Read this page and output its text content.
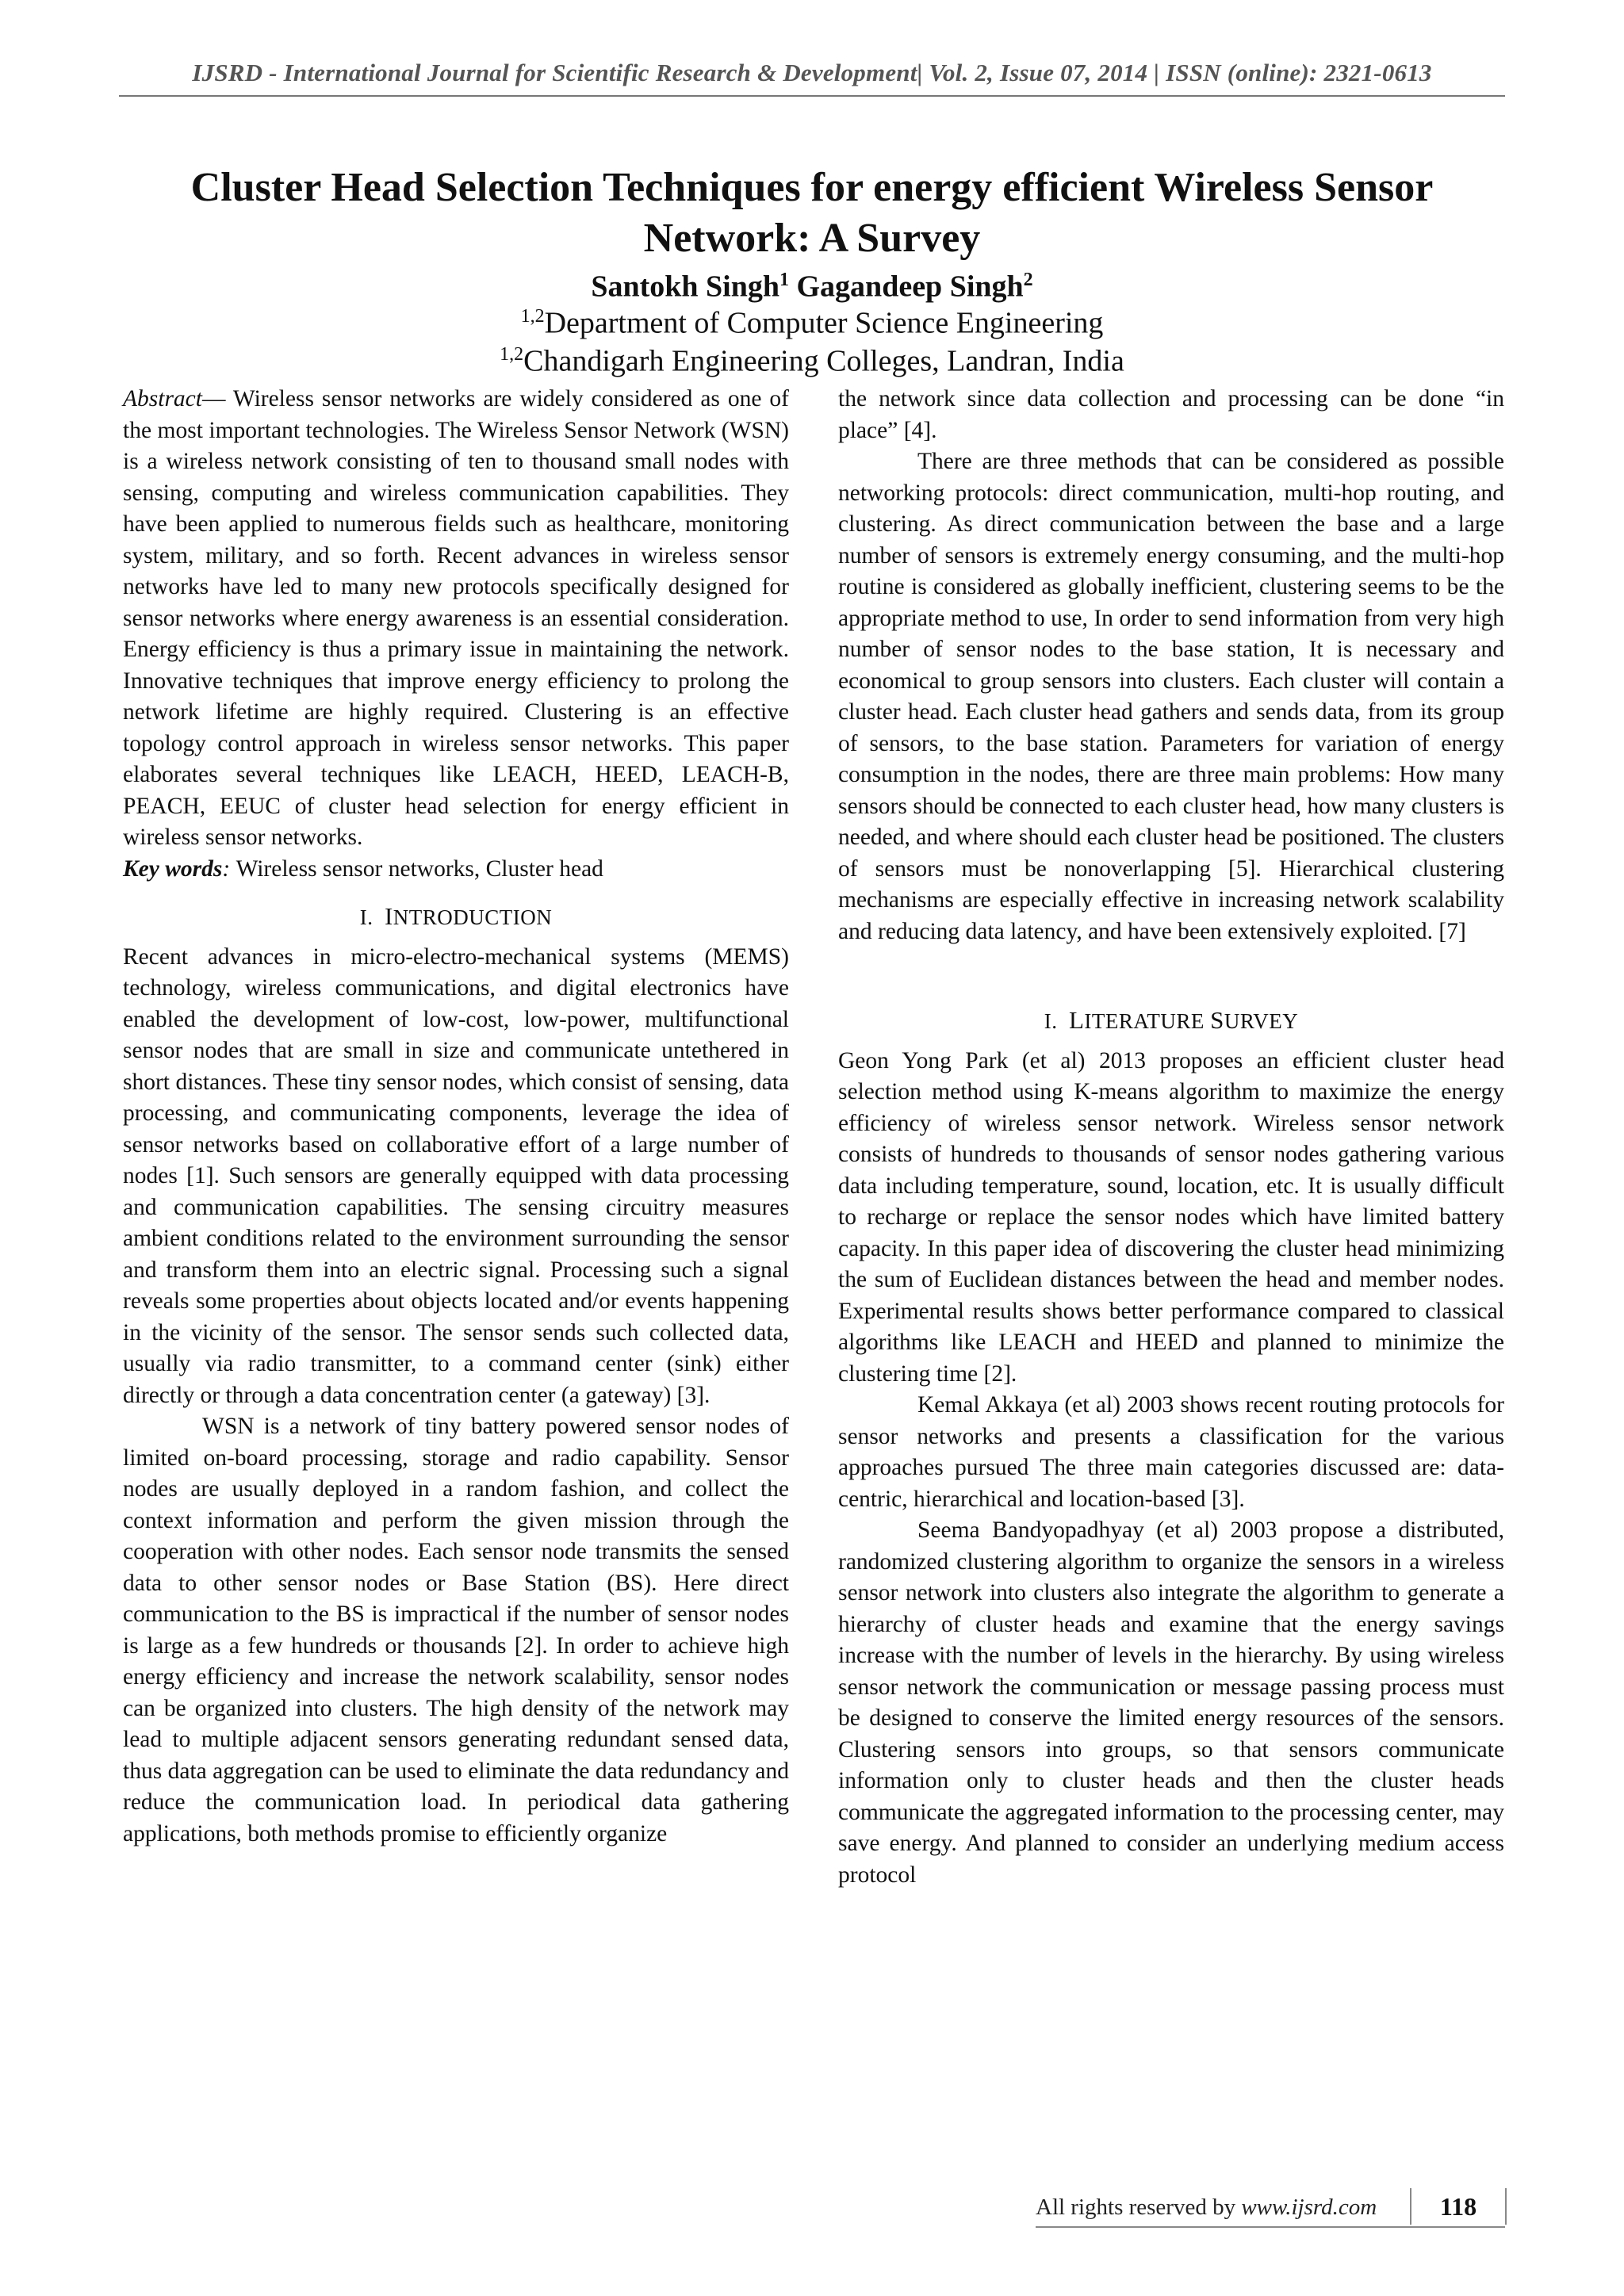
IJSRD - International Journal for Scientific Research & Development| Vol. 2, Issue 07, 2014 | ISSN (online): 2321-0613
Cluster Head Selection Techniques for energy efficient Wireless Sensor
Network: A Survey
Santokh Singh$^1$ Gagandeep Singh$^2$
$^{1,2}$Department of Computer Science Engineering
$^{1,2}$Chandigarh Engineering Colleges, Landran, India

Abstract— Wireless sensor networks are widely considered as one of the most important technologies. The Wireless Sensor Network (WSN) is a wireless network consisting of ten to thousand small nodes with sensing, computing and wireless communication capabilities. They have been applied to numerous fields such as healthcare, monitoring system, military, and so forth. Recent advances in wireless sensor networks have led to many new protocols specifically designed for sensor networks where energy awareness is an essential consideration. Energy efficiency is thus a primary issue in maintaining the network. Innovative techniques that improve energy efficiency to prolong the network lifetime are highly required. Clustering is an effective topology control approach in wireless sensor networks. This paper elaborates several techniques like LEACH, HEED, LEACH-B, PEACH, EEUC of cluster head selection for energy efficient in wireless sensor networks.

Key words: Wireless sensor networks, Cluster head

I. INTRODUCTION

Recent advances in micro-electro-mechanical systems (MEMS) technology, wireless communications, and digital electronics have enabled the development of low-cost, low-power, multifunctional sensor nodes that are small in size and communicate untethered in short distances. These tiny sensor nodes, which consist of sensing, data processing, and communicating components, leverage the idea of sensor networks based on collaborative effort of a large number of nodes [1]. Such sensors are generally equipped with data processing and communication capabilities. The sensing circuitry measures ambient conditions related to the environment surrounding the sensor and transform them into an electric signal. Processing such a signal reveals some properties about objects located and/or events happening in the vicinity of the sensor. The sensor sends such collected data, usually via radio transmitter, to a command center (sink) either directly or through a data concentration center (a gateway) [3].

WSN is a network of tiny battery powered sensor nodes of limited on-board processing, storage and radio capability. Sensor nodes are usually deployed in a random fashion, and collect the context information and perform the given mission through the cooperation with other nodes. Each sensor node transmits the sensed data to other sensor nodes or Base Station (BS). Here direct communication to the BS is impractical if the number of sensor nodes is large as a few hundreds or thousands [2]. In order to achieve high energy efficiency and increase the network scalability, sensor nodes can be organized into clusters. The high density of the network may lead to multiple adjacent sensors generating redundant sensed data, thus data aggregation can be used to eliminate the data redundancy and reduce the communication load. In periodical data gathering applications, both methods promise to efficiently organize

the network since data collection and processing can be done “in place” [4].

There are three methods that can be considered as possible networking protocols: direct communication, multi-hop routing, and clustering. As direct communication between the base and a large number of sensors is extremely energy consuming, and the multi-hop routine is considered as globally inefficient, clustering seems to be the appropriate method to use, In order to send information from very high number of sensor nodes to the base station, It is necessary and economical to group sensors into clusters. Each cluster will contain a cluster head. Each cluster head gathers and sends data, from its group of sensors, to the base station. Parameters for variation of energy consumption in the nodes, there are three main problems: How many sensors should be connected to each cluster head, how many clusters is needed, and where should each cluster head be positioned. The clusters of sensors must be nonoverlapping [5]. Hierarchical clustering mechanisms are especially effective in increasing network scalability and reducing data latency, and have been extensively exploited. [7]

I. LITERATURE SURVEY

Geon Yong Park (et al) 2013 proposes an efficient cluster head selection method using K-means algorithm to maximize the energy efficiency of wireless sensor network. Wireless sensor network consists of hundreds to thousands of sensor nodes gathering various data including temperature, sound, location, etc. It is usually difficult to recharge or replace the sensor nodes which have limited battery capacity. In this paper idea of discovering the cluster head minimizing the sum of Euclidean distances between the head and member nodes. Experimental results shows better performance compared to classical algorithms like LEACH and HEED and planned to minimize the clustering time [2].

Kemal Akkaya (et al) 2003 shows recent routing protocols for sensor networks and presents a classification for the various approaches pursued The three main categories discussed are: data-centric, hierarchical and location-based [3].

Seema Bandyopadhyay (et al) 2003 propose a distributed, randomized clustering algorithm to organize the sensors in a wireless sensor network into clusters also integrate the algorithm to generate a hierarchy of cluster heads and examine that the energy savings increase with the number of levels in the hierarchy. By using wireless sensor network the communication or message passing process must be designed to conserve the limited energy resources of the sensors. Clustering sensors into groups, so that sensors communicate information only to cluster heads and then the cluster heads communicate the aggregated information to the processing center, may save energy. And planned to consider an underlying medium access protocol

All rights reserved by www.ijsrd.com	118
